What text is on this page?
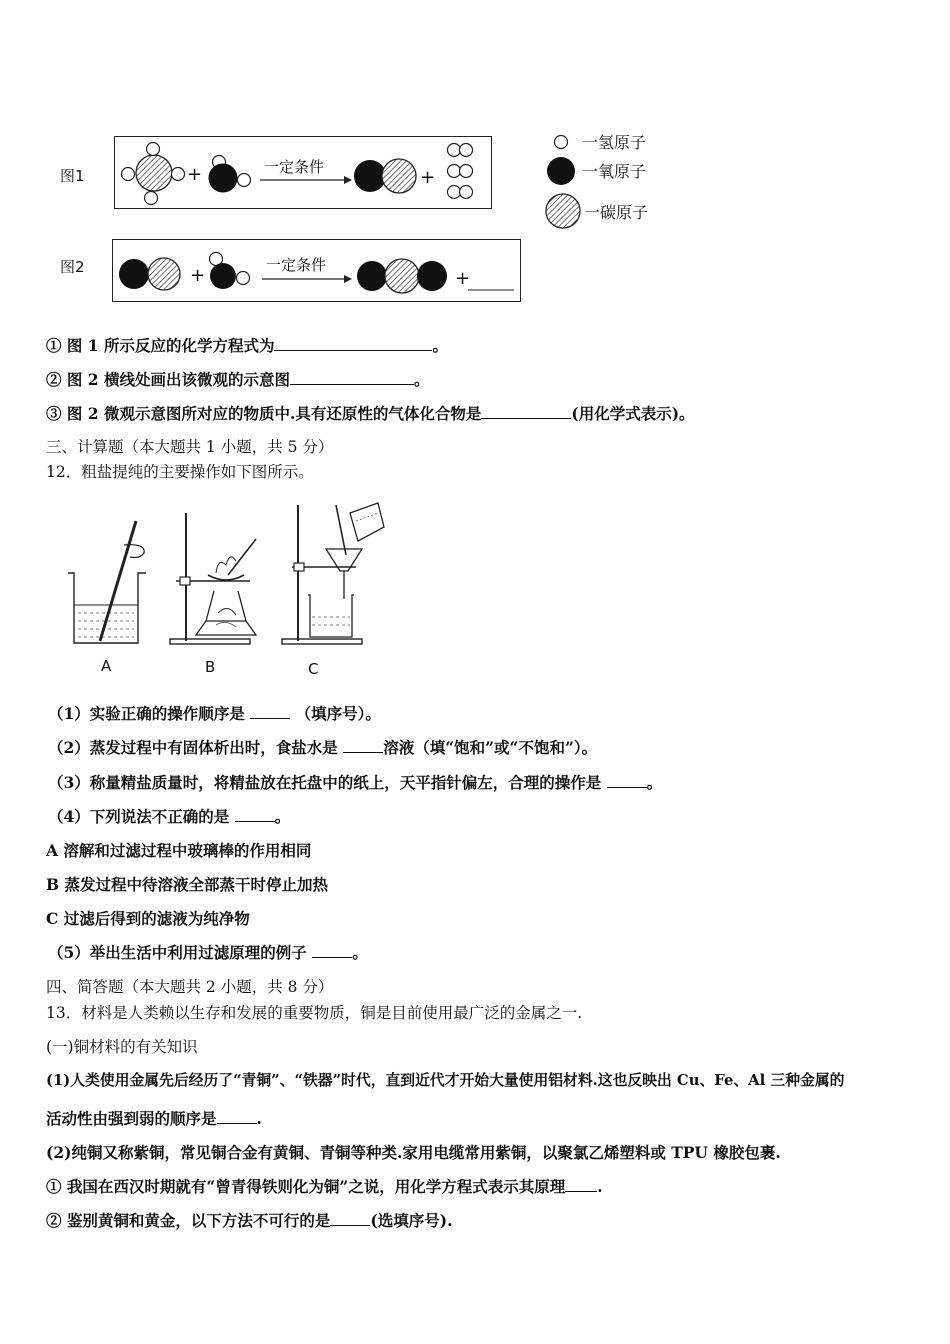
图1	+	一定条件	+
一氢原子
一氧原子
一碳原子
图2	+	一定条件
+
① 图 1 所示反应的化学方程式为	。
② 图 2 横线处画出该微观的示意图	。
③ 图 2 微观示意图所对应的物质中.具有还原性的气体化合物是	(用化学式表示)。
三、计算题（本大题共 1 小题，共 5 分）
12．粗盐提纯的主要操作如下图所示。
A	B	C
（1）实验正确的操作顺序是	（填序号）。
（2）蒸发过程中有固体析出时，食盐水是	溶液（填“饱和”或“不饱和”）。
（3）称量精盐质量时，将精盐放在托盘中的纸上，天平指针偏左，合理的操作是	。
（4）下列说法不正确的是	。
A 溶解和过滤过程中玻璃棒的作用相同
B 蒸发过程中待溶液全部蒸干时停止加热
C 过滤后得到的滤液为纯净物
（5）举出生活中利用过滤原理的例子	。
四、简答题（本大题共 2 小题，共 8 分）
13．材料是人类赖以生存和发展的重要物质，铜是目前使用最广泛的金属之一.
(一)铜材料的有关知识
(1)人类使用金属先后经历了“青铜”、“铁器”时代，直到近代才开始大量使用铝材料.这也反映出 Cu、Fe、Al 三种金属的
活动性由强到弱的顺序是	.
(2)纯铜又称紫铜，常见铜合金有黄铜、青铜等种类.家用电缆常用紫铜，以聚氯乙烯塑料或 TPU 橡胶包裹.
① 我国在西汉时期就有“曾青得铁则化为铜”之说，用化学方程式表示其原理 .
② 鉴别黄铜和黄金，以下方法不可行的是	(选填序号).
